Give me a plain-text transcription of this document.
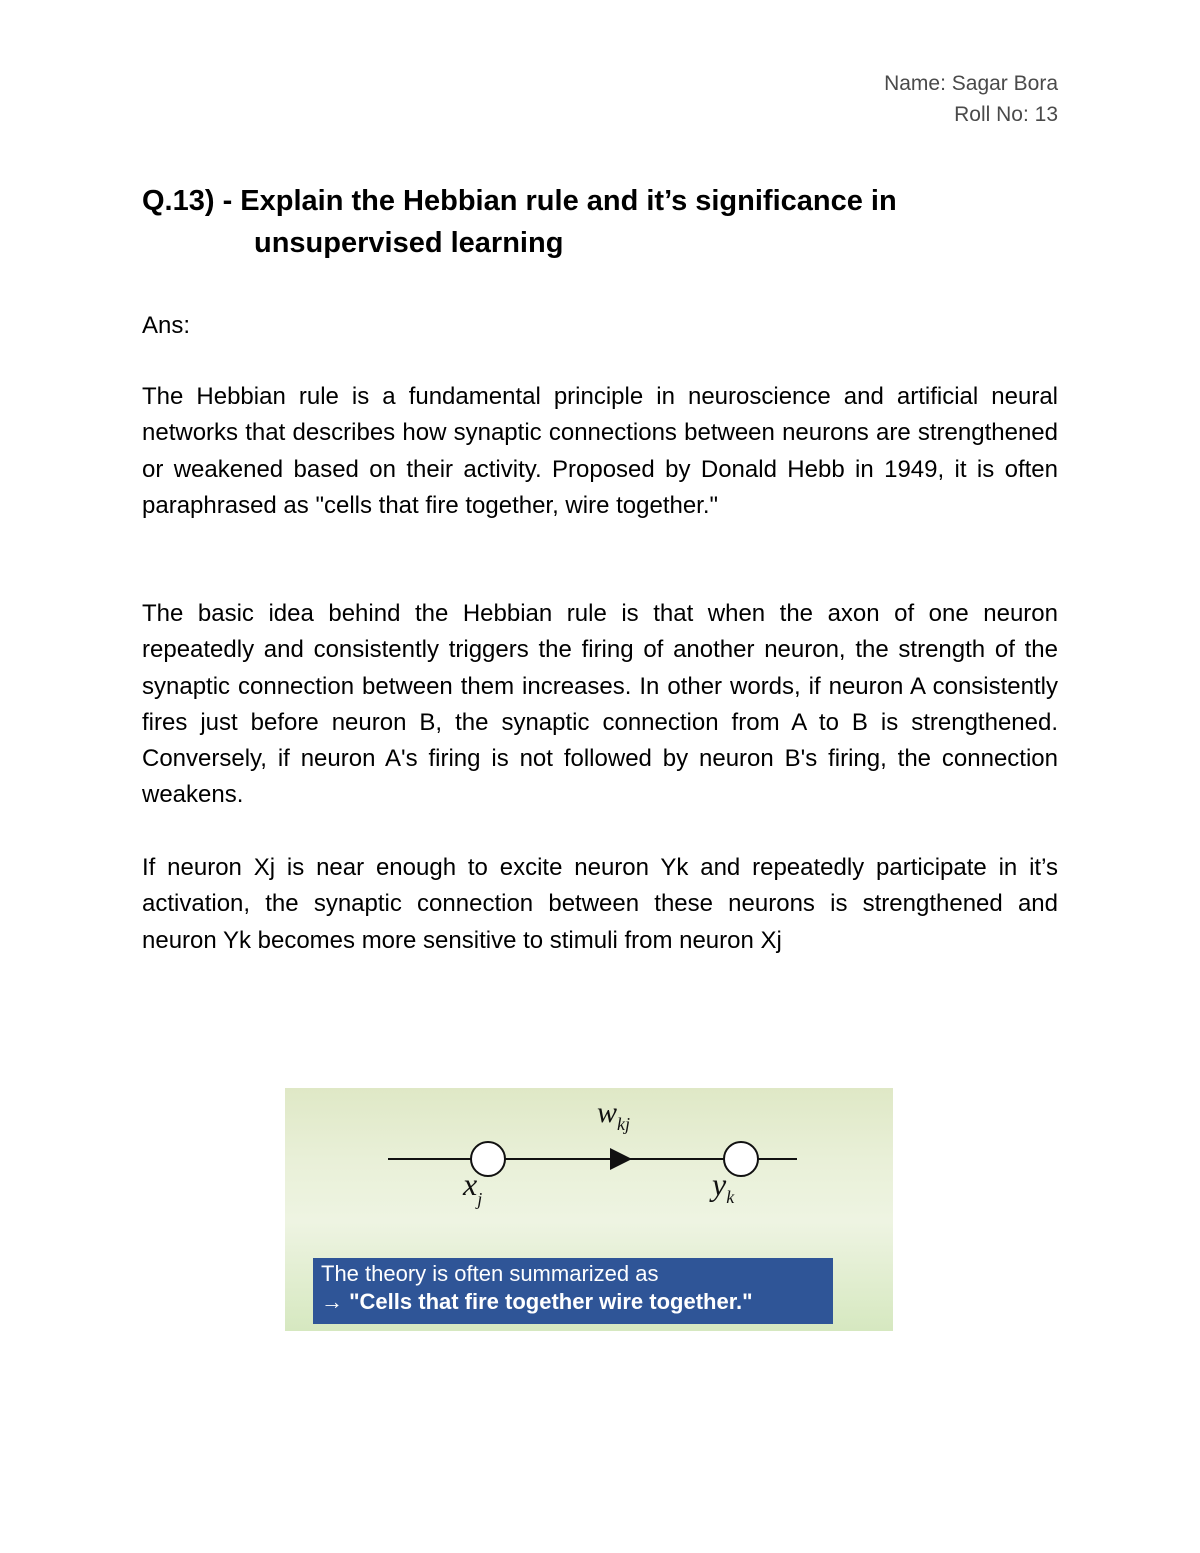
Name: Sagar Bora
Roll No: 13
Q.13) - Explain the Hebbian rule and it’s significance in
unsupervised learning
Ans:

The Hebbian rule is a fundamental principle in neuroscience and artificial neural networks that describes how synaptic connections between neurons are strengthened or weakened based on their activity. Proposed by Donald Hebb in 1949, it is often paraphrased as "cells that fire together, wire together."

The basic idea behind the Hebbian rule is that when the axon of one neuron repeatedly and consistently triggers the firing of another neuron, the strength of the synaptic connection between them increases. In other words, if neuron A consistently fires just before neuron B, the synaptic connection from A to B is strengthened. Conversely, if neuron A's firing is not followed by neuron B's firing, the connection weakens.

If neuron Xj is near enough to excite neuron Yk and repeatedly participate in it’s activation, the synaptic connection between these neurons is strengthened and neuron Yk becomes more sensitive to stimuli from neuron Xj

$w_{kj}$
$x_j$	$y_k$
The theory is often summarized as
→ "Cells that fire together wire together."
